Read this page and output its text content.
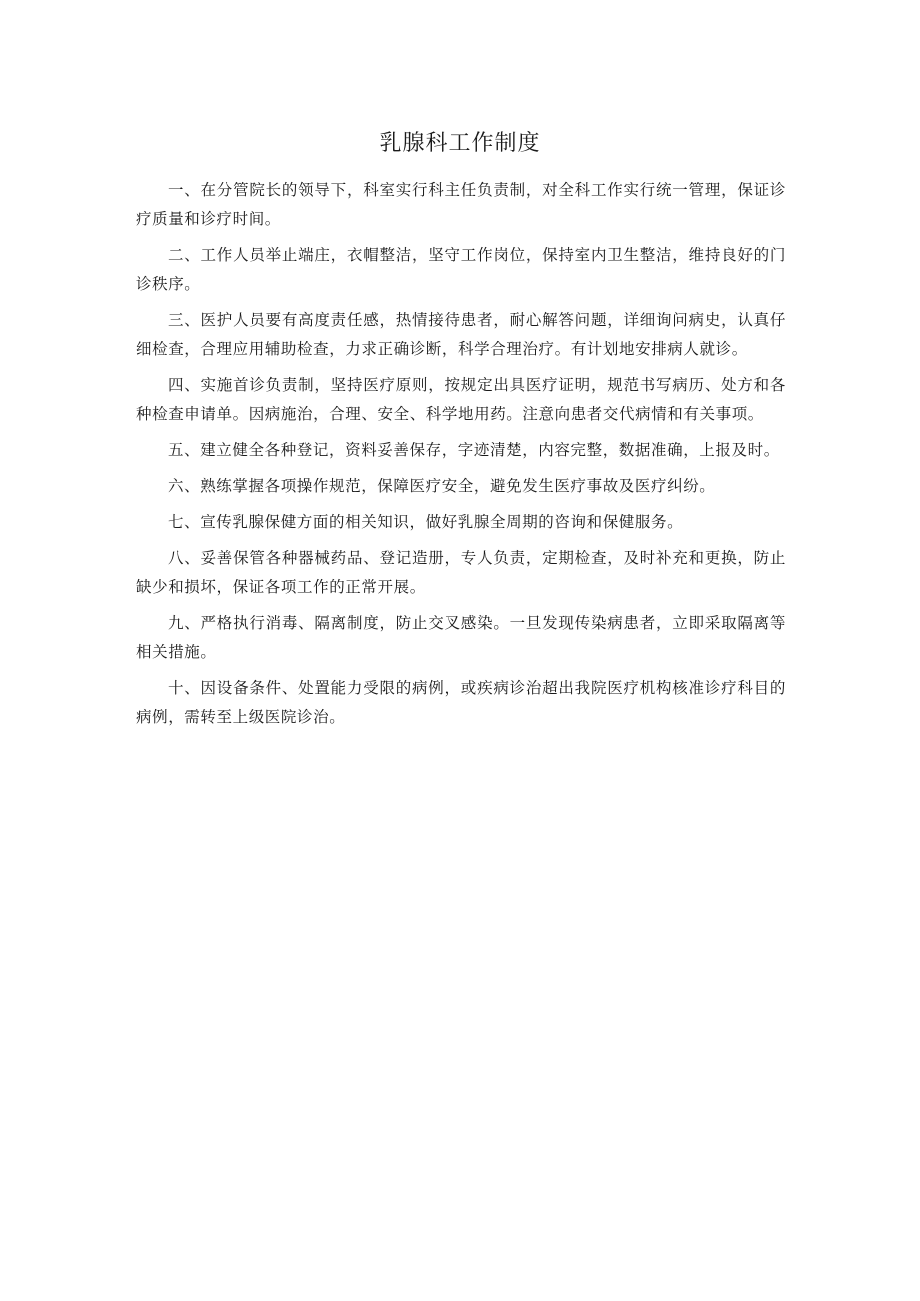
乳腺科工作制度

一、在分管院长的领导下，科室实行科主任负责制，对全科工作实行统一管理，保证诊疗质量和诊疗时间。

二、工作人员举止端庄，衣帽整洁，坚守工作岗位，保持室内卫生整洁，维持良好的门诊秩序。

三、医护人员要有高度责任感，热情接待患者，耐心解答问题，详细询问病史，认真仔细检查，合理应用辅助检查，力求正确诊断，科学合理治疗。有计划地安排病人就诊。

四、实施首诊负责制，坚持医疗原则，按规定出具医疗证明，规范书写病历、处方和各种检查申请单。因病施治，合理、安全、科学地用药。注意向患者交代病情和有关事项。

五、建立健全各种登记，资料妥善保存，字迹清楚，内容完整，数据准确，上报及时。

六、熟练掌握各项操作规范，保障医疗安全，避免发生医疗事故及医疗纠纷。

七、宣传乳腺保健方面的相关知识，做好乳腺全周期的咨询和保健服务。

八、妥善保管各种器械药品、登记造册，专人负责，定期检查，及时补充和更换，防止缺少和损坏，保证各项工作的正常开展。

九、严格执行消毒、隔离制度，防止交叉感染。一旦发现传染病患者，立即采取隔离等相关措施。

十、因设备条件、处置能力受限的病例，或疾病诊治超出我院医疗机构核准诊疗科目的病例，需转至上级医院诊治。
